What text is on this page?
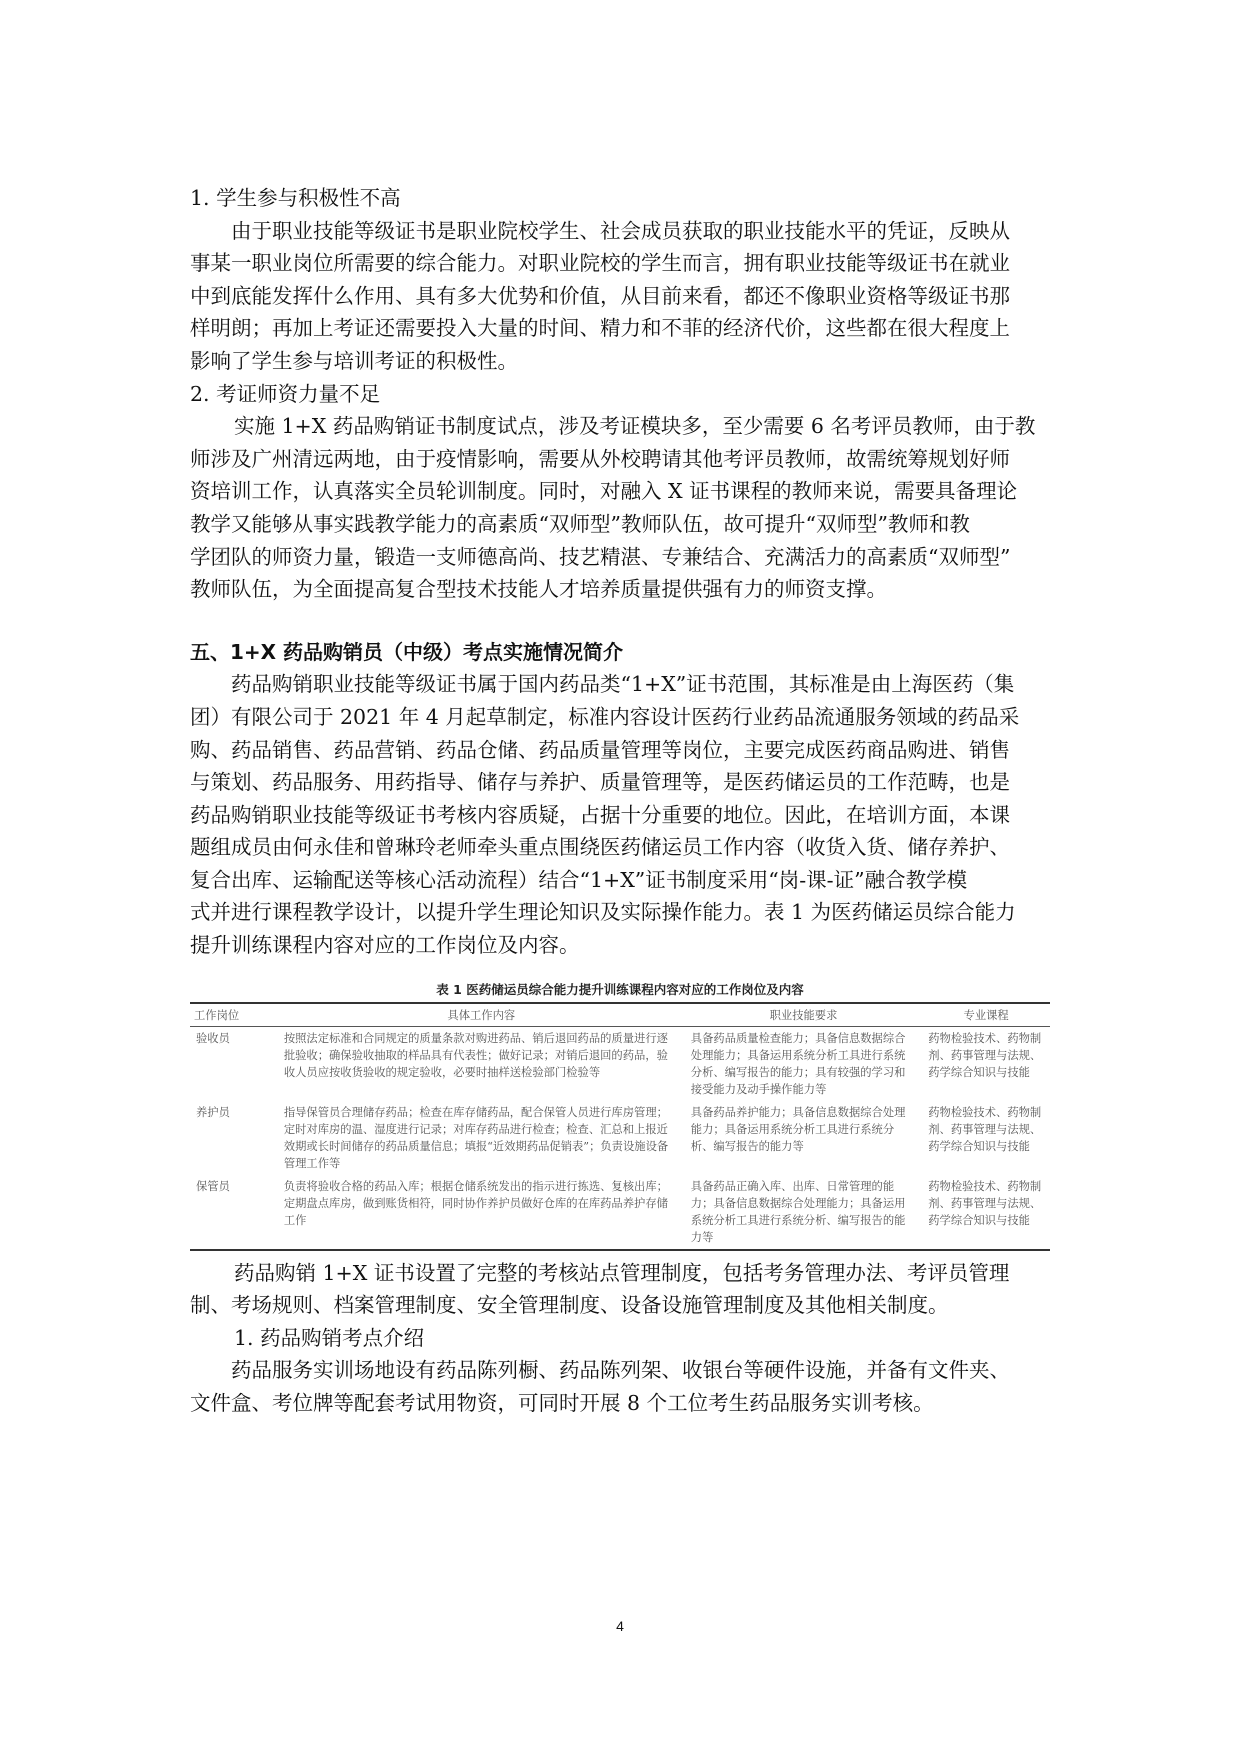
1. 学生参与积极性不高
由于职业技能等级证书是职业院校学生、社会成员获取的职业技能水平的凭证，反映从
事某一职业岗位所需要的综合能力。对职业院校的学生而言，拥有职业技能等级证书在就业
中到底能发挥什么作用、具有多大优势和价值，从目前来看，都还不像职业资格等级证书那
样明朗；再加上考证还需要投入大量的时间、精力和不菲的经济代价，这些都在很大程度上
影响了学生参与培训考证的积极性。
2. 考证师资力量不足
实施 1+X 药品购销证书制度试点，涉及考证模块多，至少需要 6 名考评员教师，由于教
师涉及广州清远两地，由于疫情影响，需要从外校聘请其他考评员教师，故需统筹规划好师
资培训工作，认真落实全员轮训制度。同时，对融入 X 证书课程的教师来说，需要具备理论
教学又能够从事实践教学能力的高素质“双师型”教师队伍，故可提升“双师型”教师和教
学团队的师资力量，锻造一支师德高尚、技艺精湛、专兼结合、充满活力的高素质“双师型”
教师队伍，为全面提高复合型技术技能人才培养质量提供强有力的师资支撑。
五、1+X 药品购销员（中级）考点实施情况简介
药品购销职业技能等级证书属于国内药品类“1+X”证书范围，其标准是由上海医药（集
团）有限公司于 2021 年 4 月起草制定，标准内容设计医药行业药品流通服务领域的药品采
购、药品销售、药品营销、药品仓储、药品质量管理等岗位，主要完成医药商品购进、销售
与策划、药品服务、用药指导、储存与养护、质量管理等，是医药储运员的工作范畴，也是
药品购销职业技能等级证书考核内容质疑，占据十分重要的地位。因此，在培训方面，本课
题组成员由何永佳和曾琳玲老师牵头重点围绕医药储运员工作内容（收货入货、储存养护、
复合出库、运输配送等核心活动流程）结合“1+X”证书制度采用“岗-课-证”融合教学模
式并进行课程教学设计，以提升学生理论知识及实际操作能力。表 1 为医药储运员综合能力
提升训练课程内容对应的工作岗位及内容。
表 1 医药储运员综合能力提升训练课程内容对应的工作岗位及内容
工作岗位	具体工作内容	职业技能要求	专业课程
验收员	按照法定标准和合同规定的质量条款对购进药品、销后退回药品的质量进行逐批验收；确保验收抽取的样品具有代表性；做好记录；对销后退回的药品，验收人员应按收货验收的规定验收，必要时抽样送检验部门检验等	具备药品质量检查能力；具备信息数据综合处理能力；具备运用系统分析工具进行系统分析、编写报告的能力；具有较强的学习和接受能力及动手操作能力等	药物检验技术、药物制剂、药事管理与法规、药学综合知识与技能
养护员	指导保管员合理储存药品；检查在库存储药品，配合保管人员进行库房管理；定时对库房的温、湿度进行记录；对库存药品进行检查；检查、汇总和上报近效期或长时间储存的药品质量信息；填报“近效期药品促销表”；负责设施设备管理工作等	具备药品养护能力；具备信息数据综合处理能力；具备运用系统分析工具进行系统分析、编写报告的能力等	药物检验技术、药物制剂、药事管理与法规、药学综合知识与技能
保管员	负责将验收合格的药品入库；根据仓储系统发出的指示进行拣选、复核出库；定期盘点库房，做到账货相符，同时协作养护员做好仓库的在库药品养护存储工作	具备药品正确入库、出库、日常管理的能力；具备信息数据综合处理能力；具备运用系统分析工具进行系统分析、编写报告的能力等	药物检验技术、药物制剂、药事管理与法规、药学综合知识与技能
药品购销 1+X 证书设置了完整的考核站点管理制度，包括考务管理办法、考评员管理
制、考场规则、档案管理制度、安全管理制度、设备设施管理制度及其他相关制度。
1. 药品购销考点介绍
药品服务实训场地设有药品陈列橱、药品陈列架、收银台等硬件设施，并备有文件夹、
文件盒、考位牌等配套考试用物资，可同时开展 8 个工位考生药品服务实训考核。
4
